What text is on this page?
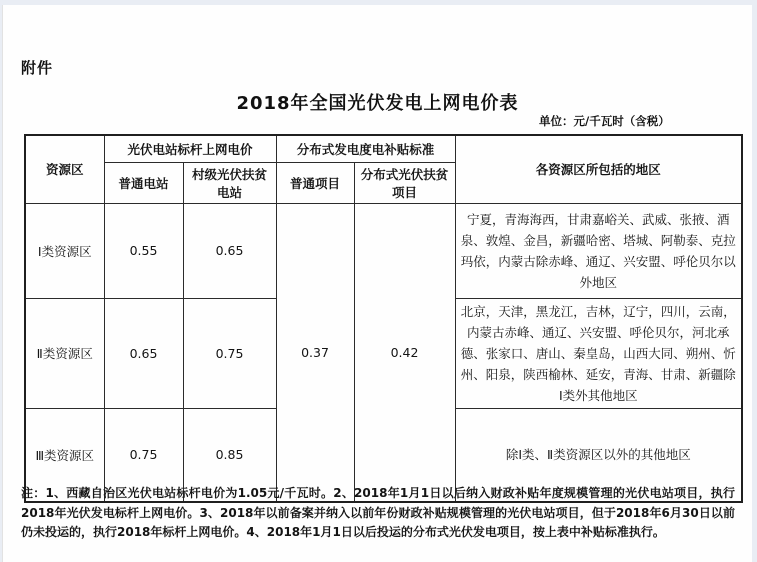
附件
2018年全国光伏发电上网电价表
单位：元/千瓦时（含税）
资源区	光伏电站标杆上网电价		分布式发电度电补贴标准		各资源区所包括的地区
	普通电站	村级光伏扶贫电站	普通项目	分布式光伏扶贫项目	
Ⅰ类资源区	0.55	0.65	0.37	0.42	宁夏，青海海西，甘肃嘉峪关、武威、张掖、酒泉、敦煌、金昌，新疆哈密、塔城、阿勒泰、克拉玛依，内蒙古除赤峰、通辽、兴安盟、呼伦贝尔以外地区
Ⅱ类资源区	0.65	0.75			北京，天津，黑龙江，吉林，辽宁，四川，云南，内蒙古赤峰、通辽、兴安盟、呼伦贝尔，河北承德、张家口、唐山、秦皇岛，山西大同、朔州、忻州、阳泉，陕西榆林、延安，青海、甘肃、新疆除Ⅰ类外其他地区
Ⅲ类资源区	0.75	0.85			除Ⅰ类、Ⅱ类资源区以外的其他地区
注：1、西藏自治区光伏电站标杆电价为1.05元/千瓦时。2、2018年1月1日以后纳入财政补贴年度规模管理的光伏电站项目，执行2018年光伏发电标杆上网电价。3、2018年以前备案并纳入以前年份财政补贴规模管理的光伏电站项目，但于2018年6月30日以前仍未投运的，执行2018年标杆上网电价。4、2018年1月1日以后投运的分布式光伏发电项目，按上表中补贴标准执行。
